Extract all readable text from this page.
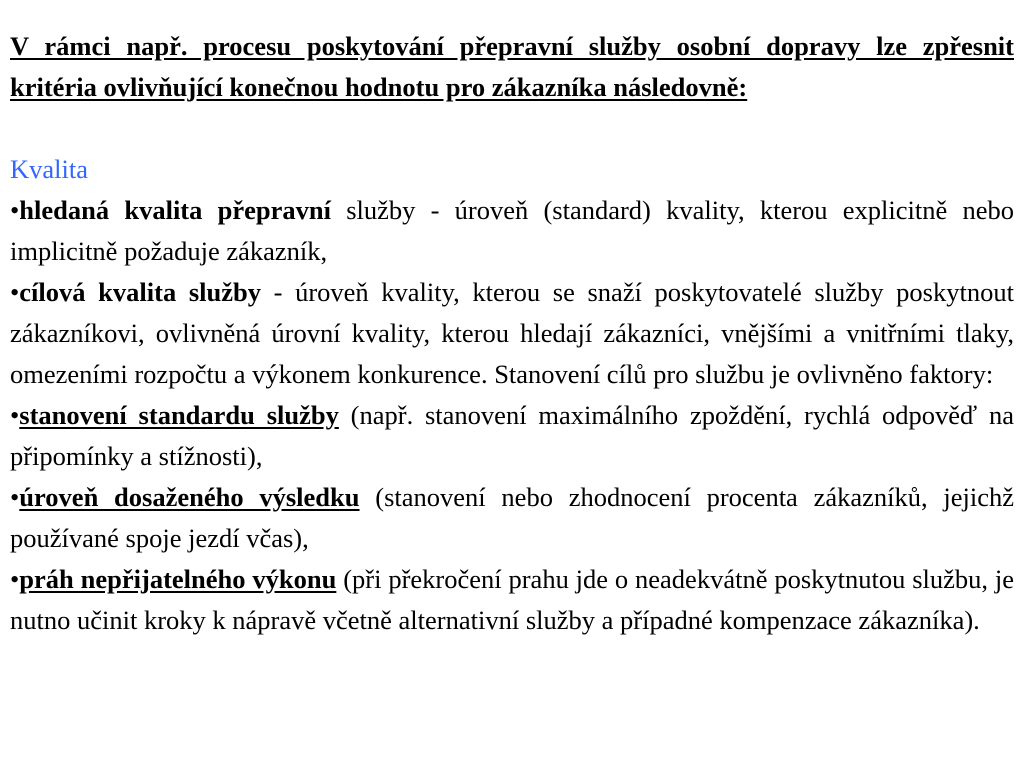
V rámci např. procesu poskytování přepravní služby osobní dopravy lze zpřesnit kritéria ovlivňující konečnou hodnotu pro zákazníka následovně:

Kvalita

•hledaná kvalita přepravní služby - úroveň (standard) kvality, kterou explicitně nebo implicitně požaduje zákazník,

•cílová kvalita služby - úroveň kvality, kterou se snaží poskytovatelé služby poskytnout zákazníkovi, ovlivněná úrovní kvality, kterou hledají zákazníci, vnějšími a vnitřními tlaky, omezeními rozpočtu a výkonem konkurence. Stanovení cílů pro službu je ovlivněno faktory:

•stanovení standardu služby (např. stanovení maximálního zpoždění, rychlá odpověď na připomínky a stížnosti),

•úroveň dosaženého výsledku (stanovení nebo zhodnocení procenta zákazníků, jejichž používané spoje jezdí včas),

•práh nepřijatelného výkonu (při překročení prahu jde o neadekvátně poskytnutou službu, je nutno učinit kroky k nápravě včetně alternativní služby a případné kompenzace zákazníka).
